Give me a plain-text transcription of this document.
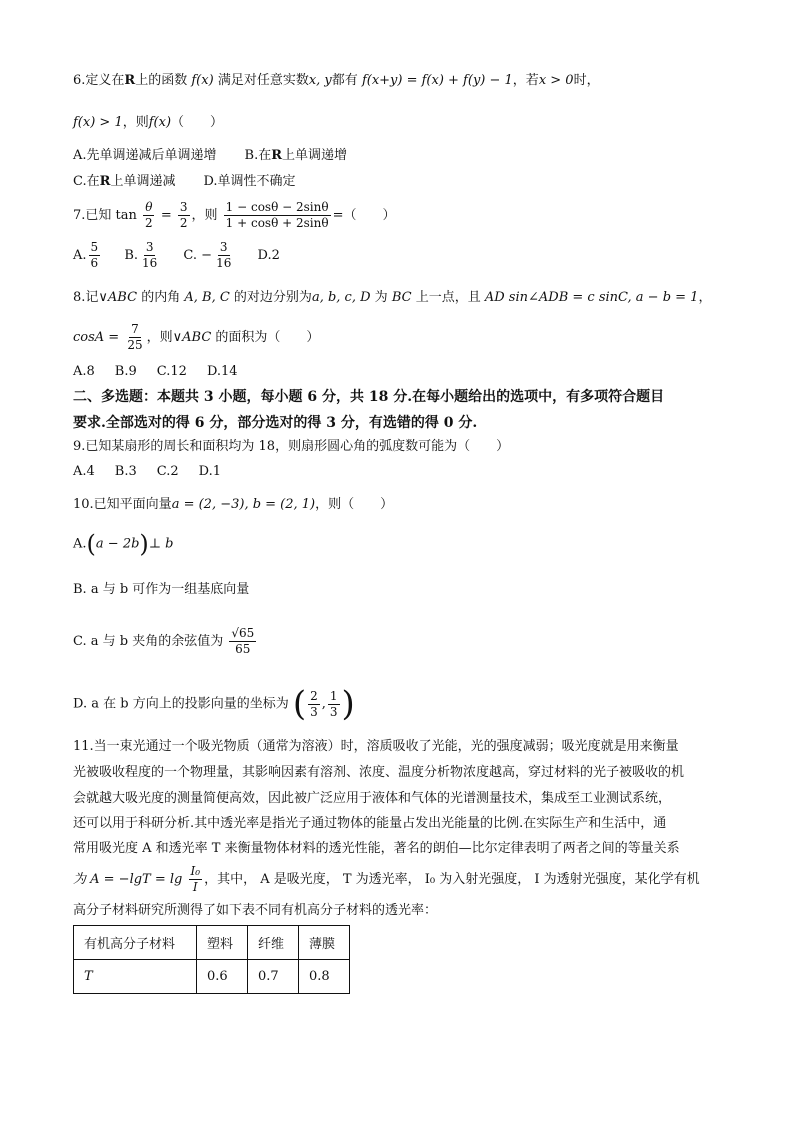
6.定义在R上的函数 f(x) 满足对任意实数x, y都有 f(x+y) = f(x) + f(y) − 1，若x > 0时，
f(x) > 1，则f(x)（　　）
A.先单调递减后单调递增 B.在R上单调递增
C.在R上单调递减 D.单调性不确定
7.已知 $\tan \frac{\theta}{2} = \frac{3}{2}$ ，则 $\frac{1 - \cos\theta - 2\sin\theta}{1 + \cos\theta + 2\sin\theta}$ =（　　）
A. $\frac{5}{6} B$. $\frac{3}{16} C$. − $\frac{3}{16} D.2$
8.记∨ABC 的内角 A, B, C 的对边分别为a, b, c, D 为 BC 上一点，且 AD sin∠ADB = c sinC, a − b = 1，
$\cos A = \frac{7}{25}$ ，则∨ABC 的面积为（　　）
A.8 B.9 C.12 D.14
二、多选题：本题共 3 小题，每小题 6 分，共 18 分.在每小题给出的选项中，有多项符合题目
要求.全部选对的得 6 分，部分选对的得 3 分，有选错的得 0 分.
9.已知某扇形的周长和面积均为 18，则扇形圆心角的弧度数可能为（　　）
A.4 B.3 C.2 D.1
10.已知平面向量a = (2, −3), b = (2, 1)，则（　　）
A.(a − 2b)⊥ b
B. a 与 b 可作为一组基底向量
C. a 与 b 夹角的余弦值为 $\frac{√65}{65}$
D. a 在 b 方向上的投影向量的坐标为 ( $\frac{2}{3}$ , $\frac{1}{3}$ )
11.当一束光通过一个吸光物质（通常为溶液）时，溶质吸收了光能，光的强度减弱；吸光度就是用来衡量
光被吸收程度的一个物理量，其影响因素有溶剂、浓度、温度分析物浓度越高，穿过材料的光子被吸收的机
会就越大吸光度的测量简便高效，因此被广泛应用于液体和气体的光谱测量技术，集成至工业测试系统，
还可以用于科研分析.其中透光率是指光子通过物体的能量占发出光能量的比例.在实际生产和生活中，通
常用吸光度 A 和透光率 T 来衡量物体材料的透光性能，著名的朗伯—比尔定律表明了两者之间的等量关系
为 $A = -\lg T = \lg \frac{\text{I₀}}{I}$ ，其中， A 是吸光度， T 为透光率， I₀ 为入射光强度， I 为透射光强度，某化学有机
高分子材料研究所测得了如下表不同有机高分子材料的透光率：
有机高分子材料	塑料	纤维	薄膜
T	0.6	0.7	0.8
